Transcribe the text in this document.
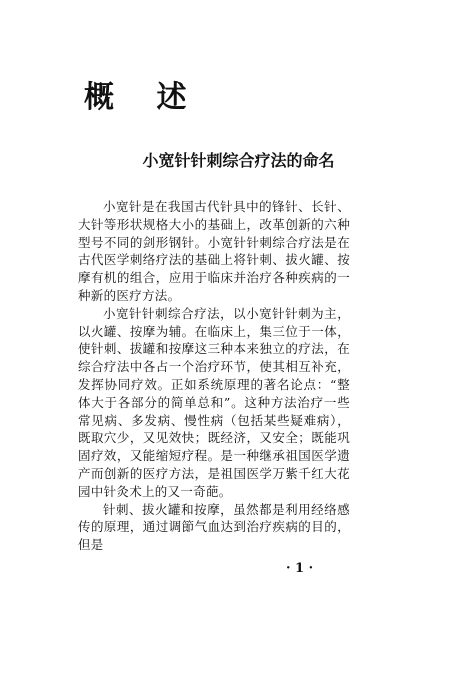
概 述
小宽针针刺综合疗法的命名

小宽针是在我国古代针具中的锋针、长针、大针等形状规格大小的基础上，改革创新的六种型号不同的剑形钢针。小宽针针刺综合疗法是在古代医学刺络疗法的基础上将针刺、拔火罐、按摩有机的组合，应用于临床并治疗各种疾病的一种新的医疗方法。

小宽针针刺综合疗法，以小宽针针刺为主，以火罐、按摩为辅。在临床上，集三位于一体，使针刺、拔罐和按摩这三种本来独立的疗法，在综合疗法中各占一个治疗环节，使其相互补充，发挥协同疗效。正如系统原理的著名论点：“整体大于各部分的简单总和”。这种方法治疗一些常见病、多发病、慢性病（包括某些疑难病），既取穴少，又见效快；既经济，又安全；既能巩固疗效，又能缩短疗程。是一种继承祖国医学遗产而创新的医疗方法，是祖国医学万紫千红大花园中针灸术上的又一奇葩。

针刺、拔火罐和按摩，虽然都是利用经络感传的原理，通过调節气血达到治疗疾病的目的，但是

· 1 ·
